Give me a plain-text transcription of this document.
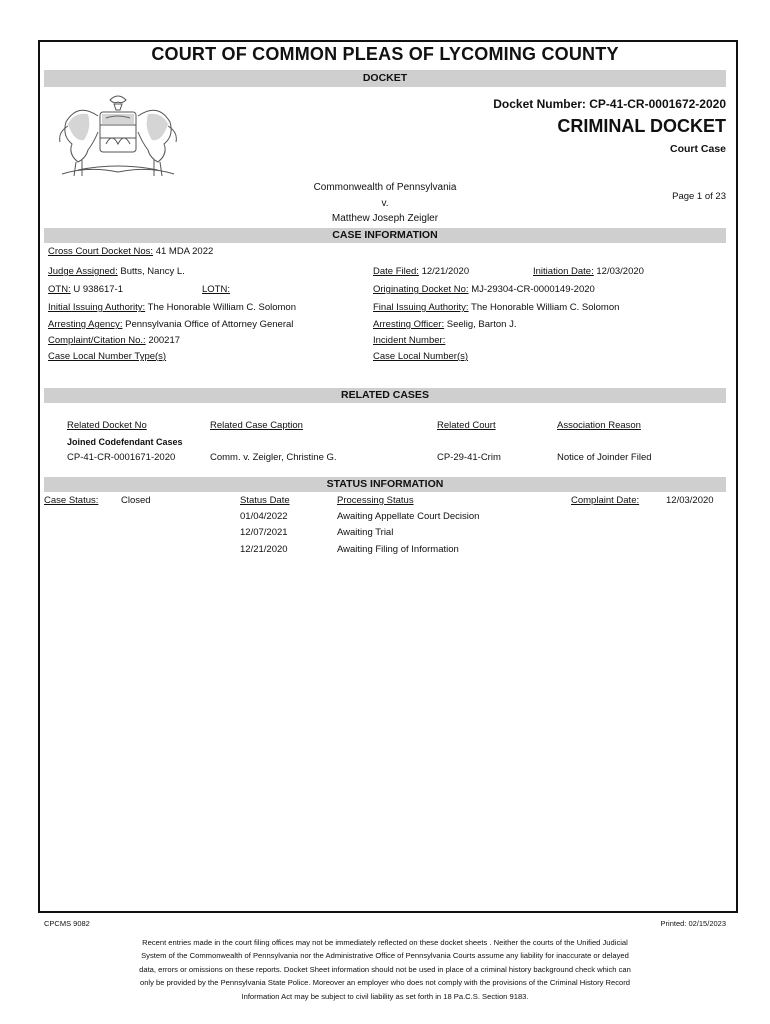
COURT OF COMMON PLEAS OF LYCOMING COUNTY
DOCKET
Docket Number: CP-41-CR-0001672-2020
CRIMINAL DOCKET
Court Case
Commonwealth of Pennsylvania
v.
Matthew Joseph Zeigler
Page 1 of 23
CASE INFORMATION
Cross Court Docket Nos: 41 MDA 2022
Judge Assigned: Butts, Nancy L.	Date Filed: 12/21/2020	Initiation Date: 12/03/2020
OTN: U 938617-1	LOTN:	Originating Docket No: MJ-29304-CR-0000149-2020
Initial Issuing Authority: The Honorable William C. Solomon	Final Issuing Authority: The Honorable William C. Solomon
Arresting Agency: Pennsylvania Office of Attorney General	Arresting Officer: Seelig, Barton J.
Complaint/Citation No.: 200217	Incident Number:
Case Local Number Type(s)	Case Local Number(s)
RELATED CASES
Related Docket No	Related Case Caption	Related Court	Association Reason
Joined Codefendant Cases
CP-41-CR-0001671-2020	Comm. v. Zeigler, Christine G.	CP-29-41-Crim	Notice of Joinder Filed
STATUS INFORMATION
Case Status: Closed	Status Date	Processing Status	Complaint Date:	12/03/2020
01/04/2022	Awaiting Appellate Court Decision
12/07/2021	Awaiting Trial
12/21/2020	Awaiting Filing of Information
CPCMS 9082	Printed: 02/15/2023
Recent entries made in the court filing offices may not be immediately reflected on these docket sheets . Neither the courts of the Unified Judicial
System of the Commonwealth of Pennsylvania nor the Administrative Office of Pennsylvania Courts assume any liability for inaccurate or delayed
data, errors or omissions on these reports. Docket Sheet information should not be used in place of a criminal history background check which can
only be provided by the Pennsylvania State Police. Moreover an employer who does not comply with the provisions of the Criminal History Record
Information Act may be subject to civil liability as set forth in 18 Pa.C.S. Section 9183.
